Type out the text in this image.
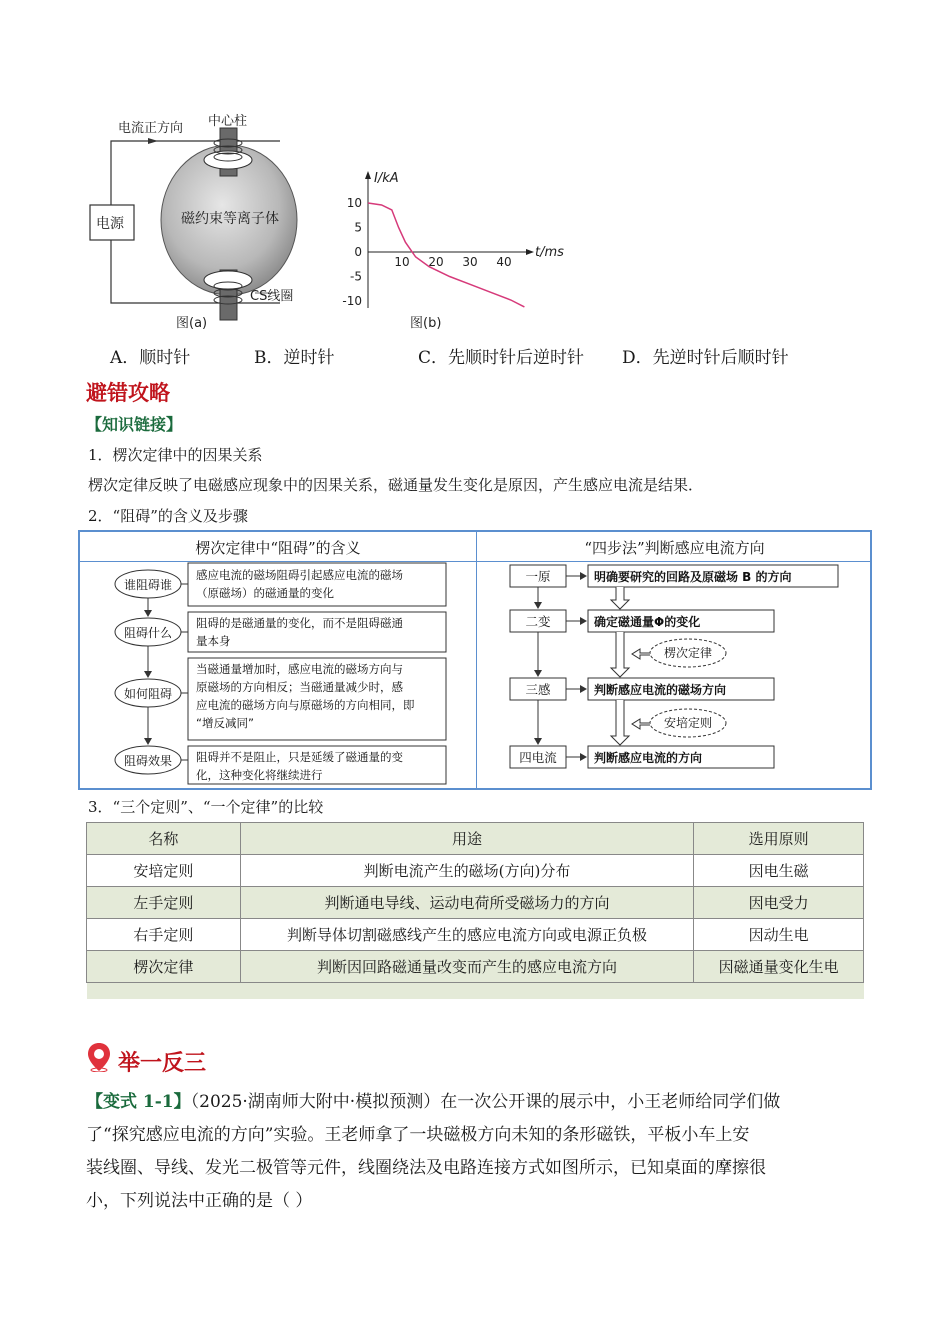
电流正方向 中心柱
电源	磁约束等离子体
CS线圈
图(a)
I/kA
t/ms
10
5
0
-5
-10
10 20 30 40
图(b)
A．顺时针	B．逆时针	C．先顺时针后逆时针 D．先逆时针后顺时针
避错攻略
【知识链接】
1．楞次定律中的因果关系
楞次定律反映了电磁感应现象中的因果关系，磁通量发生变化是原因，产生感应电流是结果．
2．“阻碍”的含义及步骤
楞次定律中“阻碍”的含义	“四步法”判断感应电流方向
谁阻碍谁
阻碍什么
如何阻碍
阻碍效果
感应电流的磁场阻碍引起感应电流的磁场
（原磁场）的磁通量的变化
阻碍的是磁通量的变化，而不是阻碍磁通
量本身
当磁通量增加时，感应电流的磁场方向与
原磁场的方向相反；当磁通量减少时，感
应电流的磁场方向与原磁场的方向相同，即
“增反减同”
阻碍并不是阻止，只是延缓了磁通量的变
化，这种变化将继续进行
一原
二变
三感
四电流
明确要研究的回路及原磁场 B 的方向
确定磁通量Φ的变化
判断感应电流的磁场方向
判断感应电流的方向
楞次定律
安培定则
3．“三个定则”、“一个定律”的比较
名称	用途	选用原则
安培定则	判断电流产生的磁场(方向)分布	因电生磁
左手定则	判断通电导线、运动电荷所受磁场力的方向	因电受力
右手定则	判断导体切割磁感线产生的感应电流方向或电源正负极	因动生电
楞次定律	判断因回路磁通量改变而产生的感应电流方向	因磁通量变化生电

举一反三
【变式 1-1】（2025·湖南师大附中·模拟预测）在一次公开课的展示中，小王老师给同学们做
了“探究感应电流的方向”实验。王老师拿了一块磁极方向未知的条形磁铁，平板小车上安
装线圈、导线、发光二极管等元件，线圈绕法及电路连接方式如图所示，已知桌面的摩擦很
小，下列说法中正确的是（ ）
